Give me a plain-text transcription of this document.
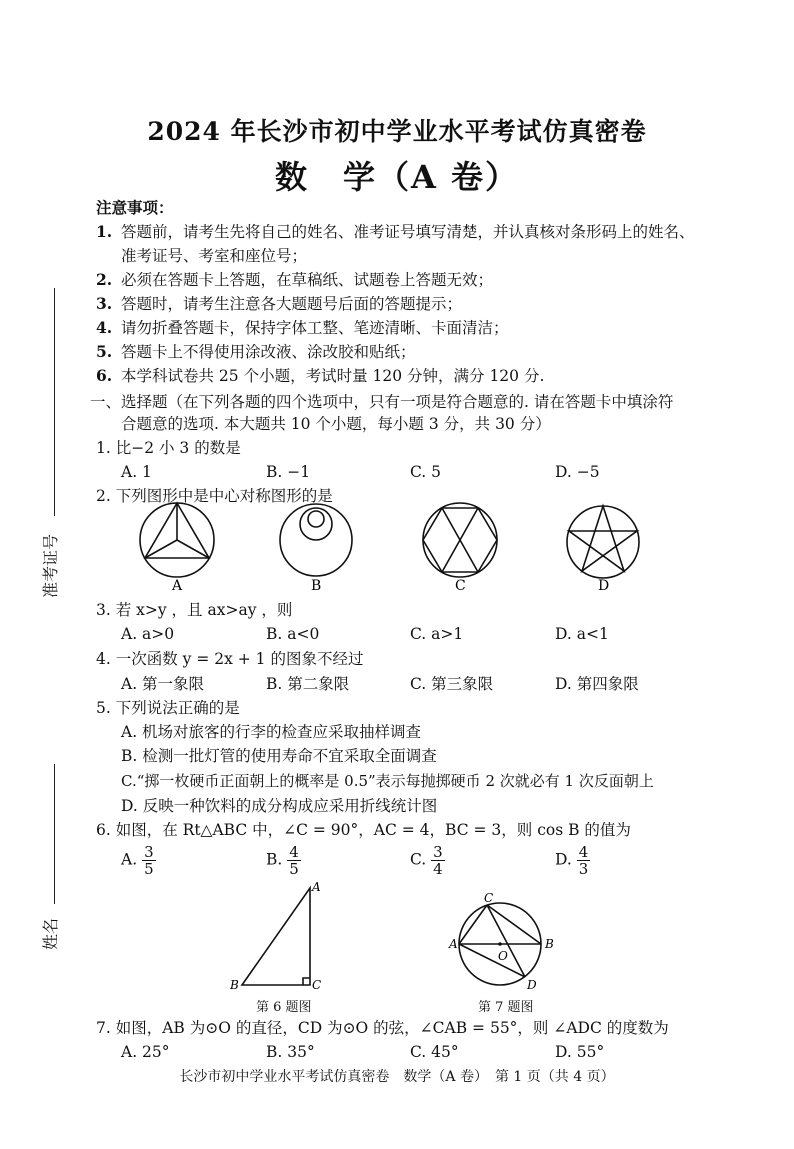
2024 年长沙市初中学业水平考试仿真密卷
数　学（A 卷）
准考证号
姓名
注意事项：
1. 答题前，请考生先将自己的姓名、准考证号填写清楚，并认真核对条形码上的姓名、
准考证号、考室和座位号；
2. 必须在答题卡上答题，在草稿纸、试题卷上答题无效；
3. 答题时，请考生注意各大题题号后面的答题提示；
4. 请勿折叠答题卡，保持字体工整、笔迹清晰、卡面清洁；
5. 答题卡上不得使用涂改液、涂改胶和贴纸；
6. 本学科试卷共 25 个小题，考试时量 120 分钟，满分 120 分.
一、选择题（在下列各题的四个选项中，只有一项是符合题意的. 请在答题卡中填涂符
合题意的选项. 本大题共 10 个小题，每小题 3 分，共 30 分）
1. 比−2 小 3 的数是
A. 1	B. −1	C. 5	D. −5
2. 下列图形中是中心对称图形的是
A	B	C	D
A
B	C
C
A	B
O
D
3. 若 x>y ，且 ax>ay ，则
A. a>0	B. a<0	C. a>1	D. a<1
4. 一次函数 y = 2x + 1 的图象不经过
A. 第一象限	B. 第二象限	C. 第三象限	D. 第四象限
5. 下列说法正确的是
A. 机场对旅客的行李的检查应采取抽样调查
B. 检测一批灯管的使用寿命不宜采取全面调查
C.“掷一枚硬币正面朝上的概率是 0.5”表示每抛掷硬币 2 次就必有 1 次反面朝上
D. 反映一种饮料的成分构成应采用折线统计图
6. 如图，在 Rt△ABC 中，∠C = 90°，AC = 4，BC = 3，则 cos B 的值为
A. $\frac{3}{5}$	B. $\frac{4}{5}$	C. $\frac{3}{4}$	D. $\frac{4}{3}$
第 6 题图	第 7 题图
7. 如图，AB 为⊙O 的直径，CD 为⊙O 的弦，∠CAB = 55°，则 ∠ADC 的度数为
A. 25°	B. 35°	C. 45°	D. 55°
长沙市初中学业水平考试仿真密卷　数学（A 卷）　第 1 页（共 4 页）
